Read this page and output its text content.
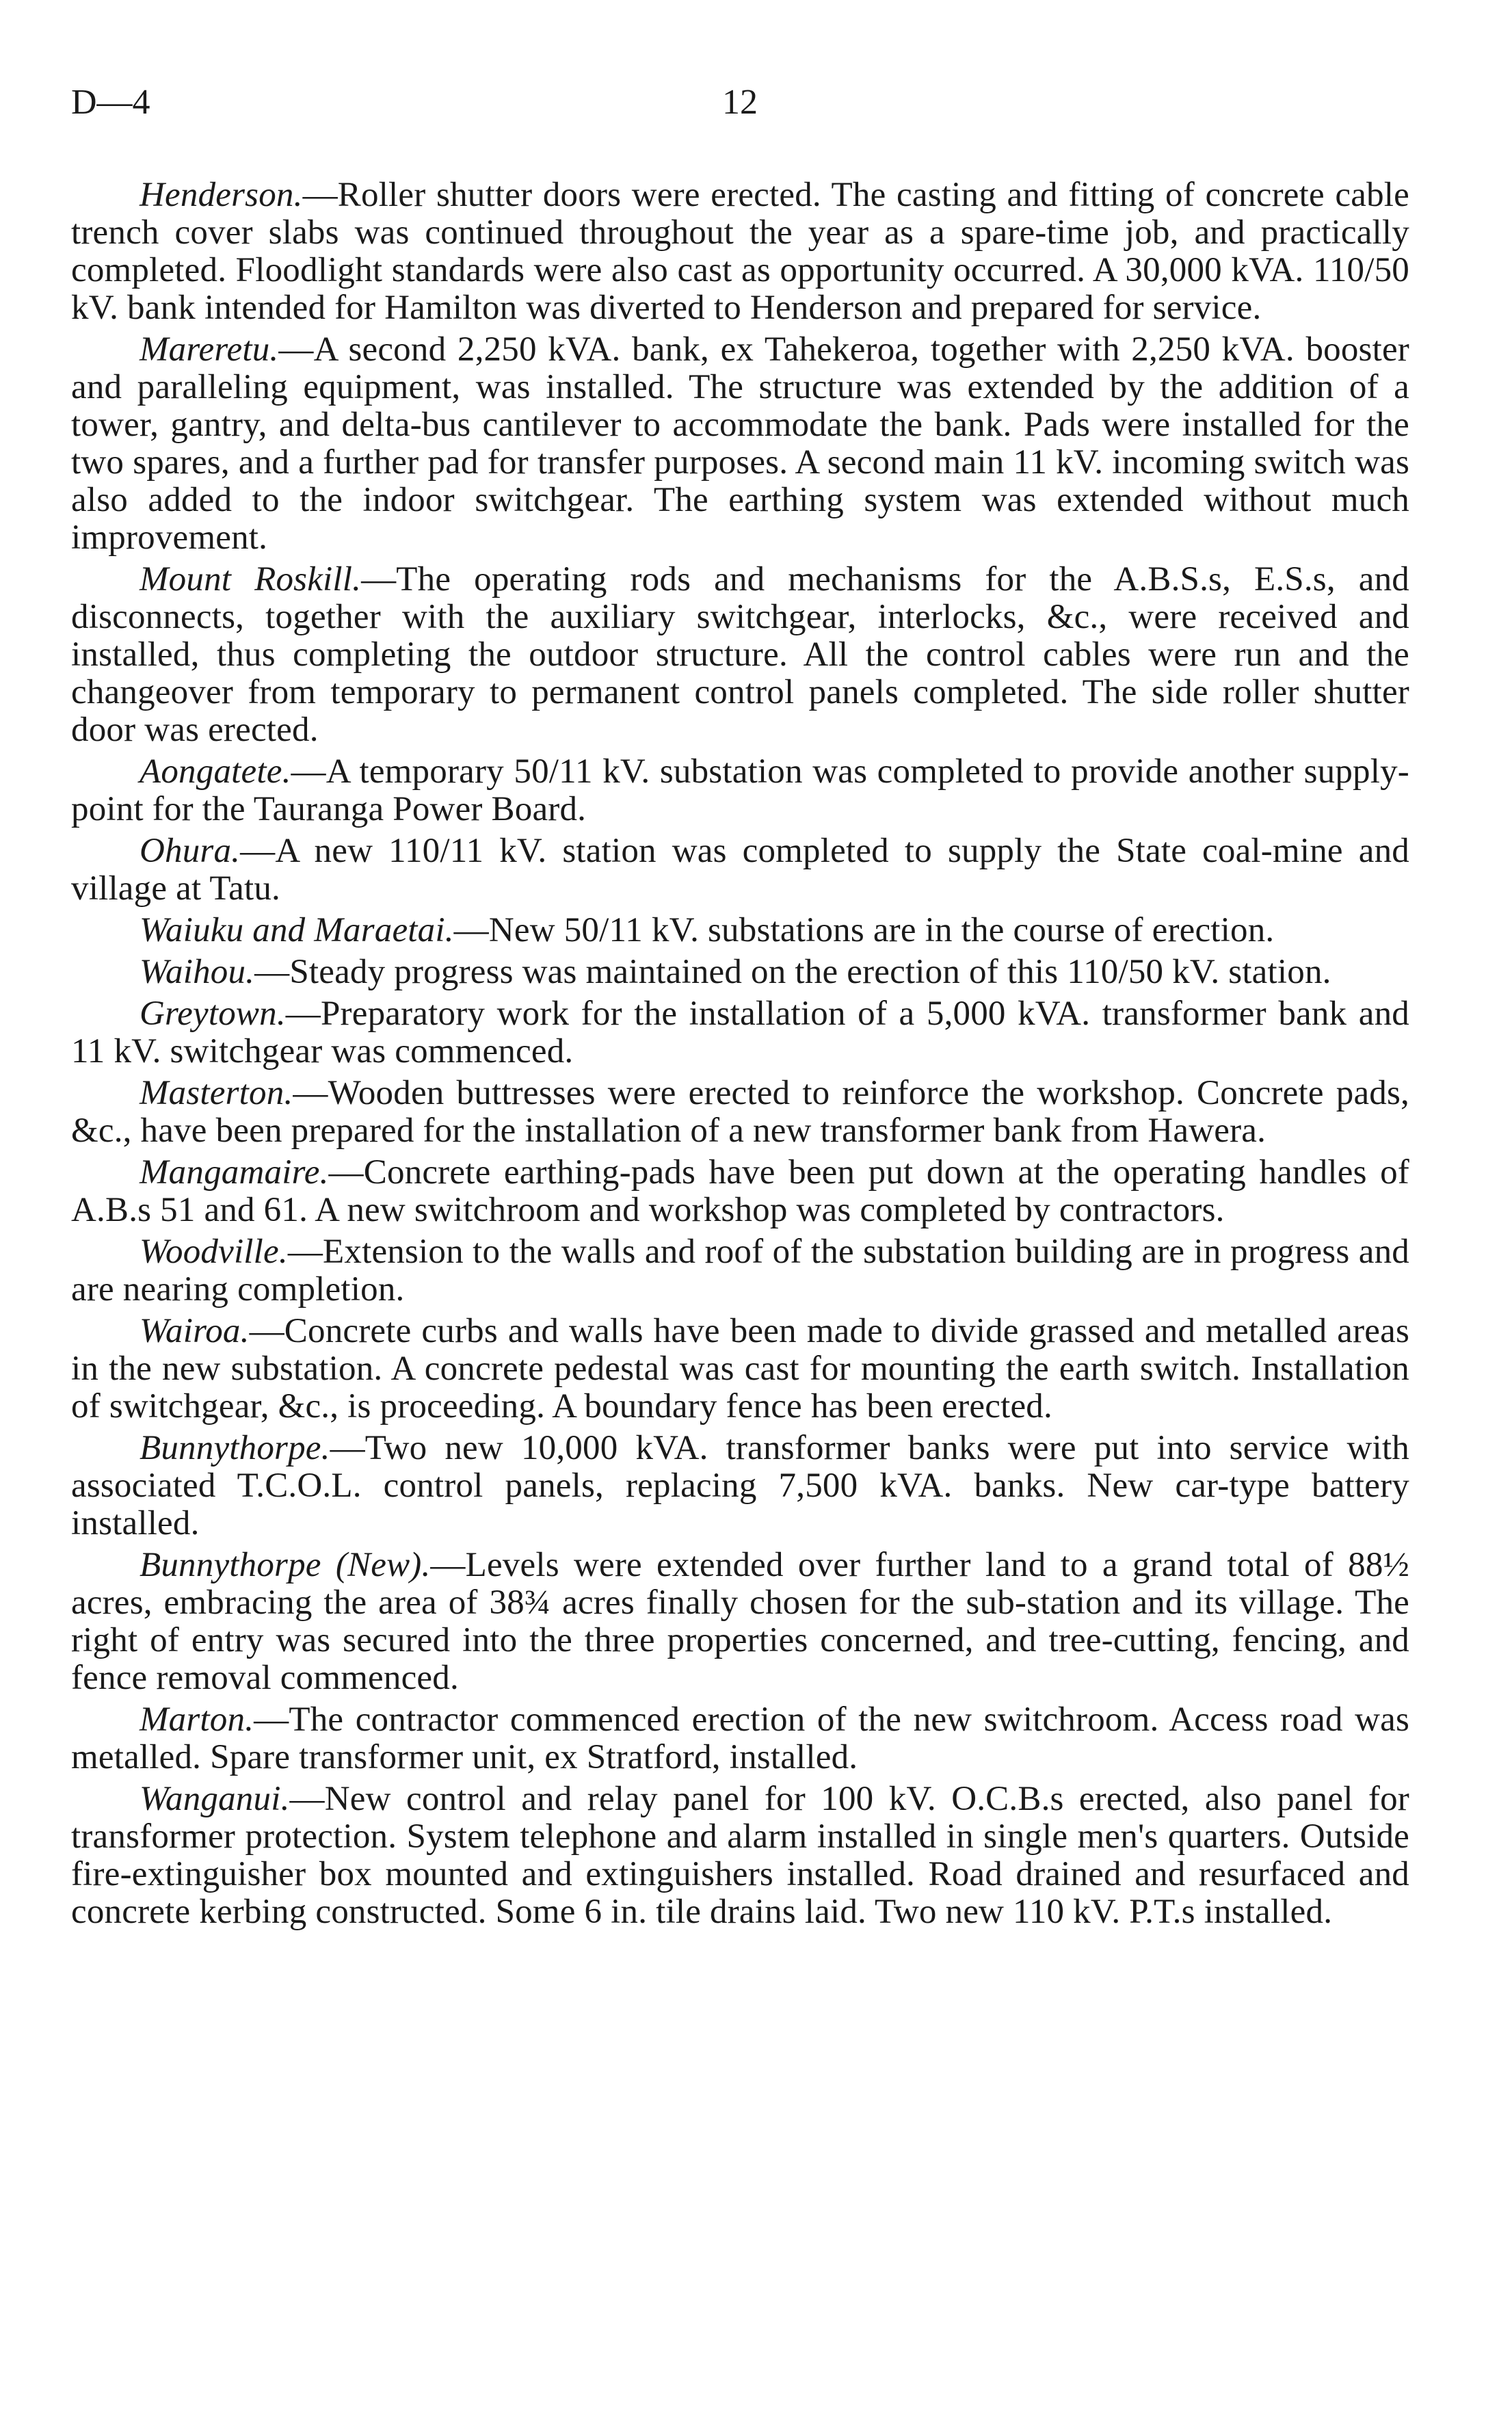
D—4	12

Henderson.—Roller shutter doors were erected. The casting and fitting of concrete cable trench cover slabs was continued throughout the year as a spare-time job, and practically completed. Floodlight standards were also cast as opportunity occurred. A 30,000 kVA. 110/50 kV. bank intended for Hamilton was diverted to Henderson and prepared for service.

Mareretu.—A second 2,250 kVA. bank, ex Tahekeroa, together with 2,250 kVA. booster and paralleling equipment, was installed. The structure was extended by the addition of a tower, gantry, and delta-bus cantilever to accommodate the bank. Pads were installed for the two spares, and a further pad for transfer purposes. A second main 11 kV. incoming switch was also added to the indoor switchgear. The earthing system was extended without much improvement.

Mount Roskill.—The operating rods and mechanisms for the A.B.S.s, E.S.s, and disconnects, together with the auxiliary switchgear, interlocks, &c., were received and installed, thus completing the outdoor structure. All the control cables were run and the changeover from temporary to permanent control panels completed. The side roller shutter door was erected.

Aongatete.—A temporary 50/11 kV. substation was completed to provide another supply-point for the Tauranga Power Board.

Ohura.—A new 110/11 kV. station was completed to supply the State coal-mine and village at Tatu.

Waiuku and Maraetai.—New 50/11 kV. substations are in the course of erection.

Waihou.—Steady progress was maintained on the erection of this 110/50 kV. station.

Greytown.—Preparatory work for the installation of a 5,000 kVA. transformer bank and 11 kV. switchgear was commenced.

Masterton.—Wooden buttresses were erected to reinforce the workshop. Concrete pads, &c., have been prepared for the installation of a new transformer bank from Hawera.

Mangamaire.—Concrete earthing-pads have been put down at the operating handles of A.B.s 51 and 61. A new switchroom and workshop was completed by contractors.

Woodville.—Extension to the walls and roof of the substation building are in progress and are nearing completion.

Wairoa.—Concrete curbs and walls have been made to divide grassed and metalled areas in the new substation. A concrete pedestal was cast for mounting the earth switch. Installation of switchgear, &c., is proceeding. A boundary fence has been erected.

Bunnythorpe.—Two new 10,000 kVA. transformer banks were put into service with associated T.C.O.L. control panels, replacing 7,500 kVA. banks. New car-type battery installed.

Bunnythorpe (New).—Levels were extended over further land to a grand total of 88½ acres, embracing the area of 38¾ acres finally chosen for the sub-station and its village. The right of entry was secured into the three properties concerned, and tree-cutting, fencing, and fence removal commenced.

Marton.—The contractor commenced erection of the new switchroom. Access road was metalled. Spare transformer unit, ex Stratford, installed.

Wanganui.—New control and relay panel for 100 kV. O.C.B.s erected, also panel for transformer protection. System telephone and alarm installed in single men's quarters. Outside fire-extinguisher box mounted and extinguishers installed. Road drained and resurfaced and concrete kerbing constructed. Some 6 in. tile drains laid. Two new 110 kV. P.T.s installed.
